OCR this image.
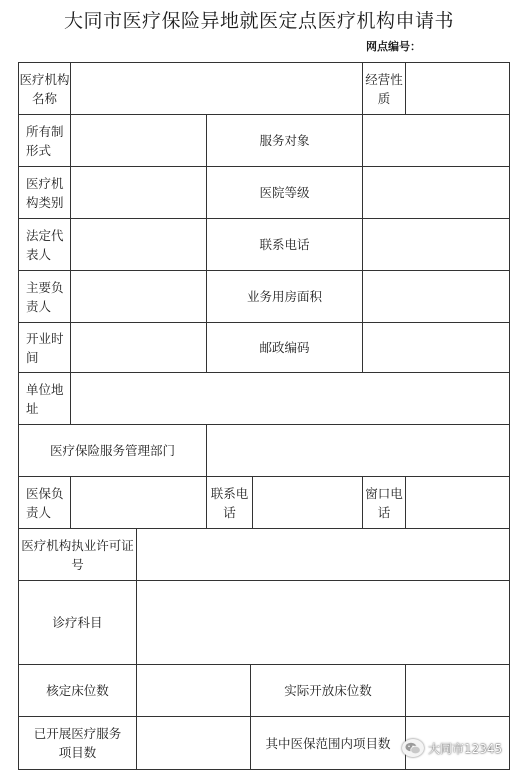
大同市医疗保险异地就医定点医疗机构申请书
网点编号：
医疗机构名称
经营性质
所有制形式
服务对象
医疗机构类别
医院等级
法定代表人
联系电话
主要负责人
业务用房面积
开业时间
邮政编码
单位地址
医疗保险服务管理部门
医保负责人
联系电话
窗口电话
医疗机构执业许可证号
诊疗科目
核定床位数	实际开放床位数
已开展医疗服务项目数
其中医保范围内项目数	大同市12345
